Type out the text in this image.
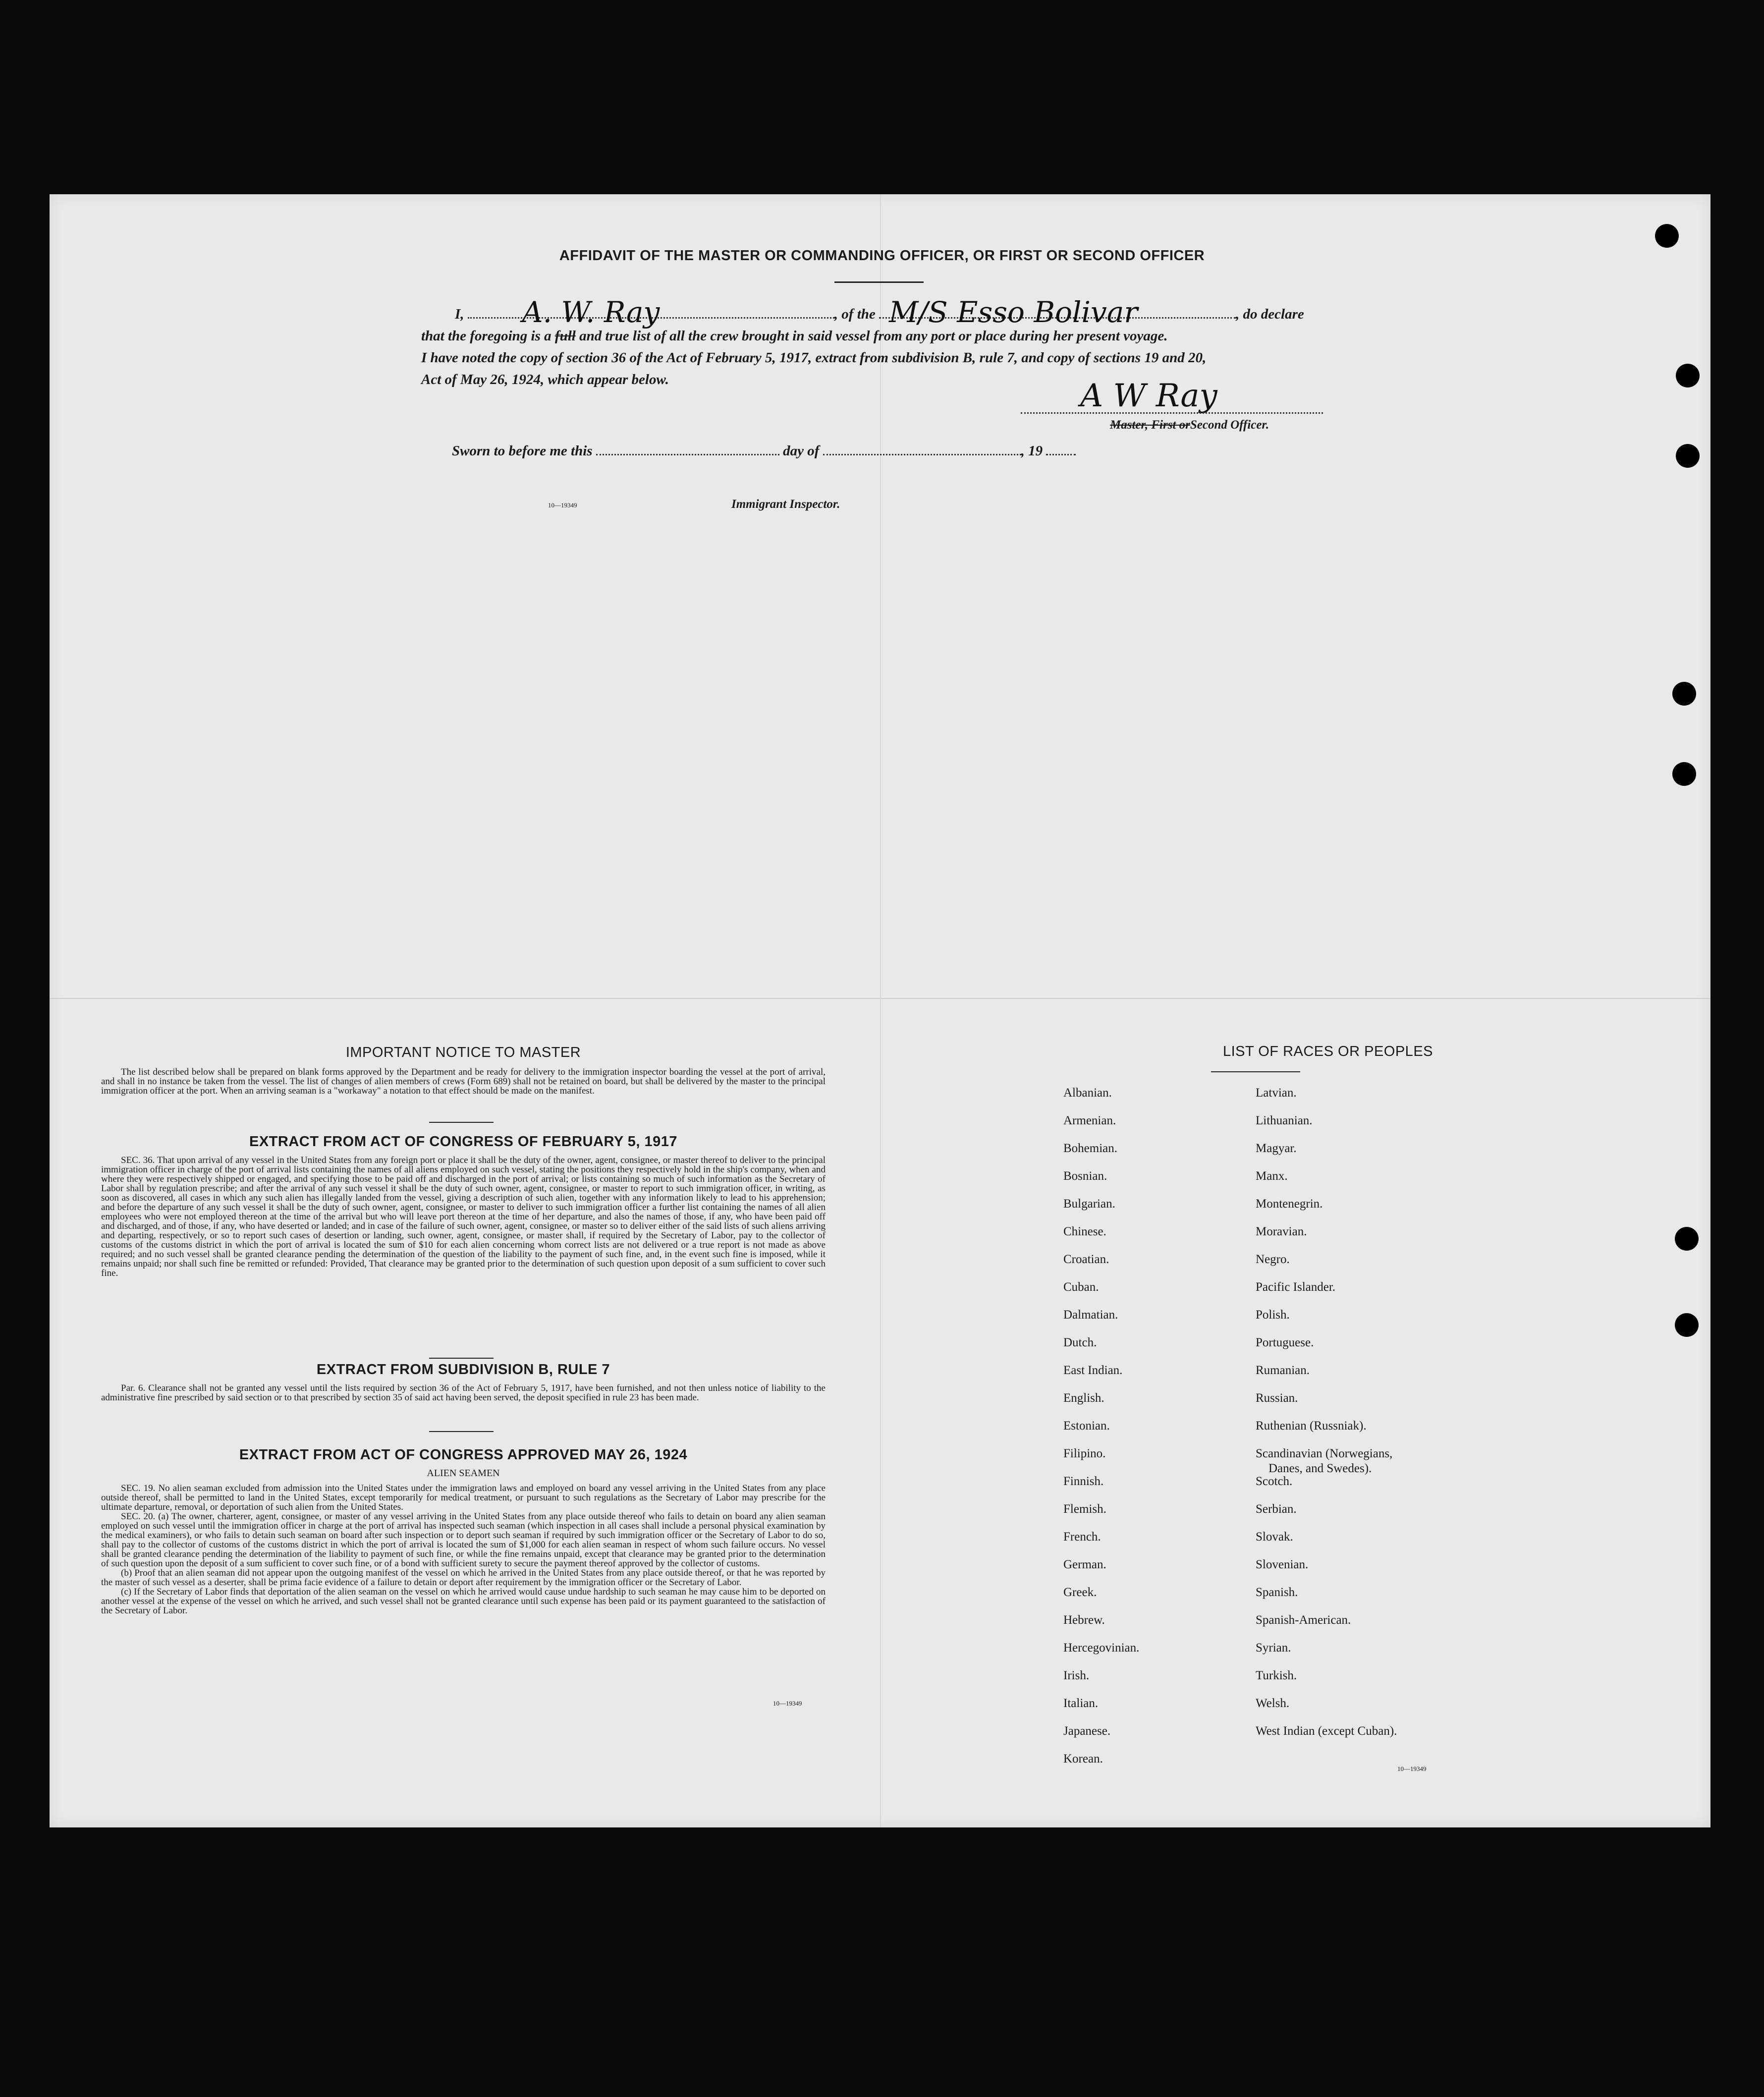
AFFIDAVIT OF THE MASTER OR COMMANDING OFFICER, OR FIRST OR SECOND OFFICER
I, A. W. Ray	, of the M/S Esso Bolivar	, do declare
that the foregoing is a full and true list of all the crew brought in said vessel from any port or place during her present voyage.
I have noted the copy of section 36 of the Act of February 5, 1917, extract from subdivision B, rule 7, and copy of sections 19 and 20,
Act of May 26, 1924, which appear below.	A W Ray
Master, First orSecond Officer.
Sworn to before me this	day of	, 19
10—19349	Immigrant Inspector.
IMPORTANT NOTICE TO MASTER

The list described below shall be prepared on blank forms approved by the Department and be ready for delivery to the immigration inspector boarding the vessel at the port of arrival, and shall in no instance be taken from the vessel. The list of changes of alien members of crews (Form 689) shall not be retained on board, but shall be delivered by the master to the principal immigration officer at the port. When an arriving seaman is a "workaway" a notation to that effect should be made on the manifest.

EXTRACT FROM ACT OF CONGRESS OF FEBRUARY 5, 1917

SEC. 36. That upon arrival of any vessel in the United States from any foreign port or place it shall be the duty of the owner, agent, consignee, or master thereof to deliver to the principal immigration officer in charge of the port of arrival lists containing the names of all aliens employed on such vessel, stating the positions they respectively hold in the ship's company, when and where they were respectively shipped or engaged, and specifying those to be paid off and discharged in the port of arrival; or lists containing so much of such information as the Secretary of Labor shall by regulation prescribe; and after the arrival of any such vessel it shall be the duty of such owner, agent, consignee, or master to report to such immigration officer, in writing, as soon as discovered, all cases in which any such alien has illegally landed from the vessel, giving a description of such alien, together with any information likely to lead to his apprehension; and before the departure of any such vessel it shall be the duty of such owner, agent, consignee, or master to deliver to such immigration officer a further list containing the names of all alien employees who were not employed thereon at the time of the arrival but who will leave port thereon at the time of her departure, and also the names of those, if any, who have been paid off and discharged, and of those, if any, who have deserted or landed; and in case of the failure of such owner, agent, consignee, or master so to deliver either of the said lists of such aliens arriving and departing, respectively, or so to report such cases of desertion or landing, such owner, agent, consignee, or master shall, if required by the Secretary of Labor, pay to the collector of customs of the customs district in which the port of arrival is located the sum of $10 for each alien concerning whom correct lists are not delivered or a true report is not made as above required; and no such vessel shall be granted clearance pending the determination of the question of the liability to the payment of such fine, and, in the event such fine is imposed, while it remains unpaid; nor shall such fine be remitted or refunded: Provided, That clearance may be granted prior to the determination of such question upon deposit of a sum sufficient to cover such fine.

EXTRACT FROM SUBDIVISION B, RULE 7

Par. 6. Clearance shall not be granted any vessel until the lists required by section 36 of the Act of February 5, 1917, have been furnished, and not then unless notice of liability to the administrative fine prescribed by said section or to that prescribed by section 35 of said act having been served, the deposit specified in rule 23 has been made.

EXTRACT FROM ACT OF CONGRESS APPROVED MAY 26, 1924
ALIEN SEAMEN

SEC. 19. No alien seaman excluded from admission into the United States under the immigration laws and employed on board any vessel arriving in the United States from any place outside thereof, shall be permitted to land in the United States, except temporarily for medical treatment, or pursuant to such regulations as the Secretary of Labor may prescribe for the ultimate departure, removal, or deportation of such alien from the United States.

SEC. 20. (a) The owner, charterer, agent, consignee, or master of any vessel arriving in the United States from any place outside thereof who fails to detain on board any alien seaman employed on such vessel until the immigration officer in charge at the port of arrival has inspected such seaman (which inspection in all cases shall include a personal physical examination by the medical examiners), or who fails to detain such seaman on board after such inspection or to deport such seaman if required by such immigration officer or the Secretary of Labor to do so, shall pay to the collector of customs of the customs district in which the port of arrival is located the sum of $1,000 for each alien seaman in respect of whom such failure occurs. No vessel shall be granted clearance pending the determination of the liability to payment of such fine, or while the fine remains unpaid, except that clearance may be granted prior to the determination of such question upon the deposit of a sum sufficient to cover such fine, or of a bond with sufficient surety to secure the payment thereof approved by the collector of customs.

(b) Proof that an alien seaman did not appear upon the outgoing manifest of the vessel on which he arrived in the United States from any place outside thereof, or that he was reported by the master of such vessel as a deserter, shall be prima facie evidence of a failure to detain or deport after requirement by the immigration officer or the Secretary of Labor.

(c) If the Secretary of Labor finds that deportation of the alien seaman on the vessel on which he arrived would cause undue hardship to such seaman he may cause him to be deported on another vessel at the expense of the vessel on which he arrived, and such vessel shall not be granted clearance until such expense has been paid or its payment guaranteed to the satisfaction of the Secretary of Labor.

10—19349
LIST OF RACES OR PEOPLES
Albanian.
Armenian.
Bohemian.
Bosnian.
Bulgarian.
Chinese.
Croatian.
Cuban.
Dalmatian.
Dutch.
East Indian.
English.
Estonian.
Filipino.
Finnish.
Flemish.
French.
German.
Greek.
Hebrew.
Hercegovinian.
Irish.
Italian.
Japanese.
Korean.
Latvian.
Lithuanian.
Magyar.
Manx.
Montenegrin.
Moravian.
Negro.
Pacific Islander.
Polish.
Portuguese.
Rumanian.
Russian.
Ruthenian (Russniak).
Scandinavian (Norwegians,
Danes, and Swedes).
Scotch.
Serbian.
Slovak.
Slovenian.
Spanish.
Spanish-American.
Syrian.
Turkish.
Welsh.
West Indian (except Cuban).
10—19349
